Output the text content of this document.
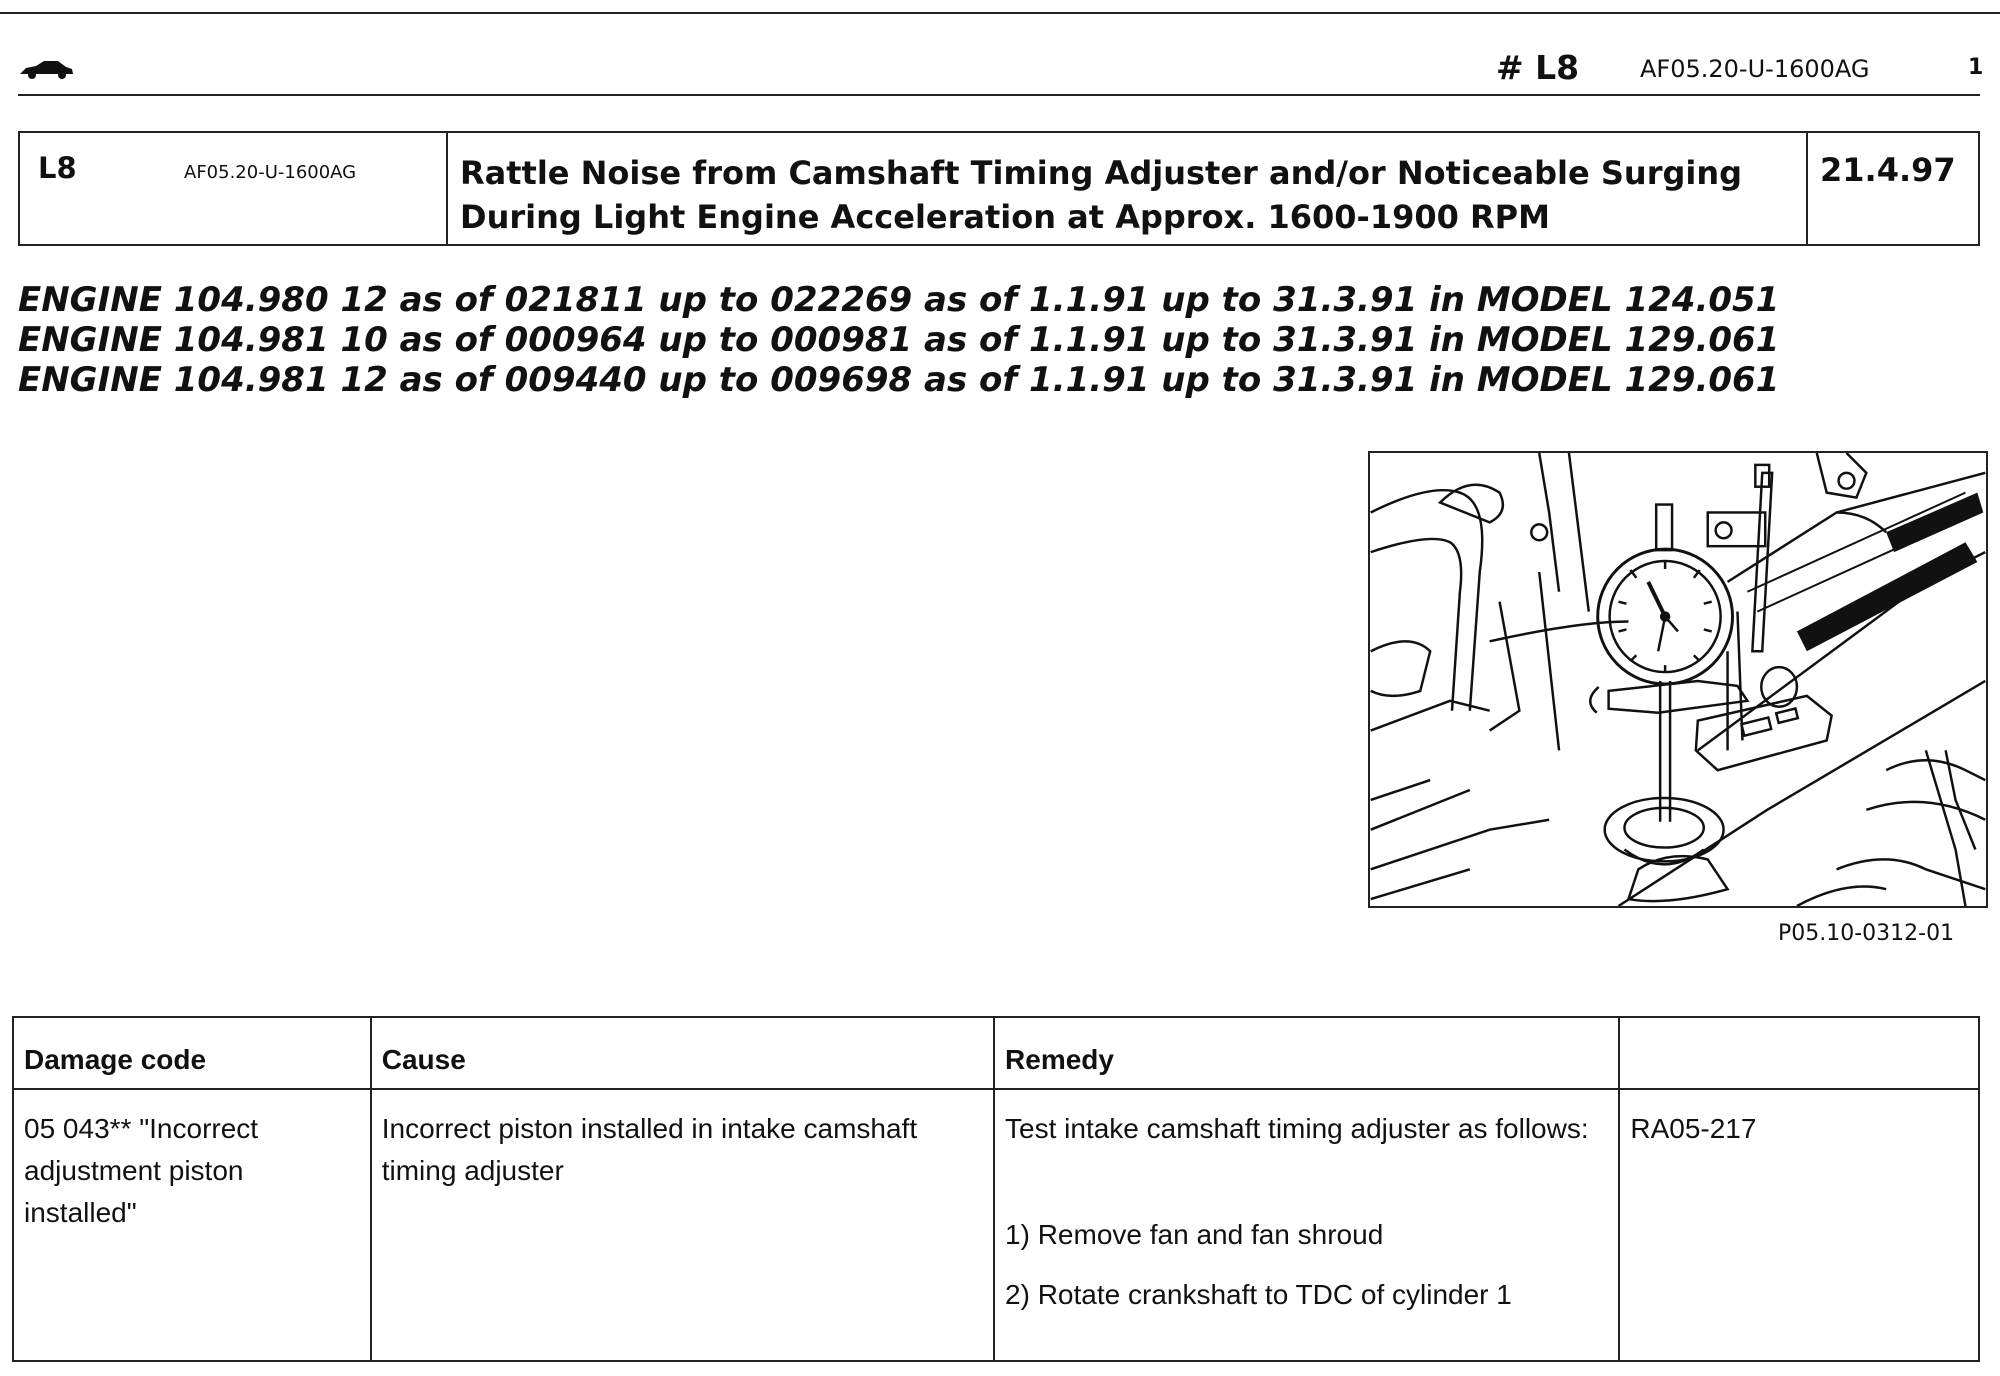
# L8	AF05.20-U-1600AG	1
L8	AF05.20-U-1600AG	Rattle Noise from Camshaft Timing Adjuster and/or Noticeable Surging During Light Engine Acceleration at Approx. 1600-1900 RPM
21.4.97
ENGINE 104.980 12 as of 021811 up to 022269 as of 1.1.91 up to 31.3.91 in MODEL 124.051
ENGINE 104.981 10 as of 000964 up to 000981 as of 1.1.91 up to 31.3.91 in MODEL 129.061
ENGINE 104.981 12 as of 009440 up to 009698 as of 1.1.91 up to 31.3.91 in MODEL 129.061
P05.10-0312-01
Damage code	Cause	Remedy	
05 043** "Incorrect adjustment piston installed"	Incorrect piston installed in intake camshaft timing adjuster	Test intake camshaft timing adjuster as follows:
1) Remove fan and fan shroud
2) Rotate crankshaft to TDC of cylinder 1	RA05-217
